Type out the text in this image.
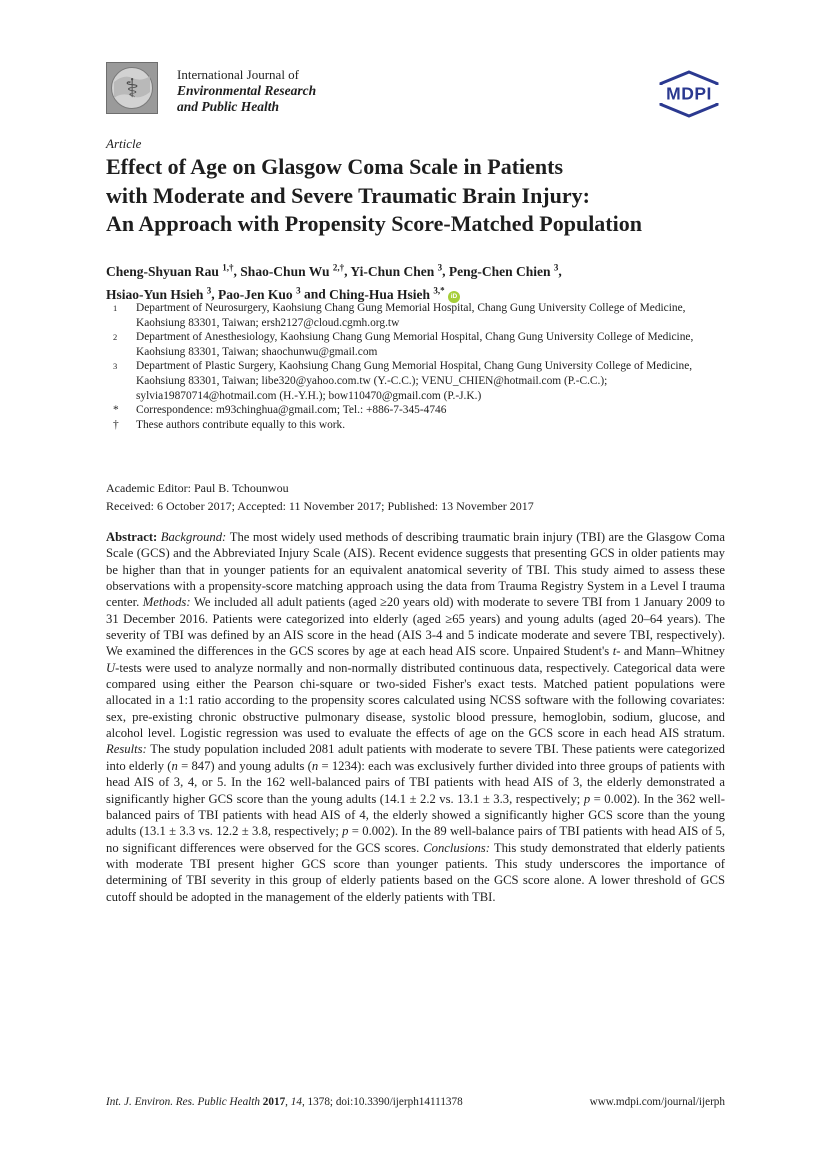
⚕	International Journal of
Environmental Research
and Public Health
MDPI
Article
Effect of Age on Glasgow Coma Scale in Patients
with Moderate and Severe Traumatic Brain Injury:
An Approach with Propensity Score-Matched Population
Cheng-Shyuan Rau $^{1,\dagger}$, Shao-Chun Wu $^{2,\dagger}$, Yi-Chun Chen $^3$, Peng-Chen Chien $^3$,
Hsiao-Yun Hsieh $^3$, Pao-Jen Kuo $^3$ and Ching-Hua Hsieh $^{3,*}$ iD
1 Department of Neurosurgery, Kaohsiung Chang Gung Memorial Hospital, Chang Gung University College of Medicine, Kaohsiung 83301, Taiwan; ersh2127@cloud.cgmh.org.tw
2 Department of Anesthesiology, Kaohsiung Chang Gung Memorial Hospital, Chang Gung University College of Medicine, Kaohsiung 83301, Taiwan; shaochunwu@gmail.com
3 Department of Plastic Surgery, Kaohsiung Chang Gung Memorial Hospital, Chang Gung University College of Medicine, Kaohsiung 83301, Taiwan; libe320@yahoo.com.tw (Y.-C.C.); VENU_CHIEN@hotmail.com (P.-C.C.); sylvia19870714@hotmail.com (H.-Y.H.); bow110470@gmail.com (P.-J.K.)
* Correspondence: m93chinghua@gmail.com; Tel.: +886-7-345-4746
† These authors contribute equally to this work.
Academic Editor: Paul B. Tchounwou
Received: 6 October 2017; Accepted: 11 November 2017; Published: 13 November 2017

Abstract: Background: The most widely used methods of describing traumatic brain injury (TBI) are the Glasgow Coma Scale (GCS) and the Abbreviated Injury Scale (AIS). Recent evidence suggests that presenting GCS in older patients may be higher than that in younger patients for an equivalent anatomical severity of TBI. This study aimed to assess these observations with a propensity-score matching approach using the data from Trauma Registry System in a Level I trauma center. Methods: We included all adult patients (aged ≥20 years old) with moderate to severe TBI from 1 January 2009 to 31 December 2016. Patients were categorized into elderly (aged ≥65 years) and young adults (aged 20–64 years). The severity of TBI was defined by an AIS score in the head (AIS 3-4 and 5 indicate moderate and severe TBI, respectively). We examined the differences in the GCS scores by age at each head AIS score. Unpaired Student's t- and Mann–Whitney U-tests were used to analyze normally and non-normally distributed continuous data, respectively. Categorical data were compared using either the Pearson chi-square or two-sided Fisher's exact tests. Matched patient populations were allocated in a 1:1 ratio according to the propensity scores calculated using NCSS software with the following covariates: sex, pre-existing chronic obstructive pulmonary disease, systolic blood pressure, hemoglobin, sodium, glucose, and alcohol level. Logistic regression was used to evaluate the effects of age on the GCS score in each head AIS stratum. Results: The study population included 2081 adult patients with moderate to severe TBI. These patients were categorized into elderly (n = 847) and young adults (n = 1234): each was exclusively further divided into three groups of patients with head AIS of 3, 4, or 5. In the 162 well-balanced pairs of TBI patients with head AIS of 3, the elderly demonstrated a significantly higher GCS score than the young adults (14.1 ± 2.2 vs. 13.1 ± 3.3, respectively; p = 0.002). In the 362 well-balanced pairs of TBI patients with head AIS of 4, the elderly showed a significantly higher GCS score than the young adults (13.1 ± 3.3 vs. 12.2 ± 3.8, respectively; p = 0.002). In the 89 well-balance pairs of TBI patients with head AIS of 5, no significant differences were observed for the GCS scores. Conclusions: This study demonstrated that elderly patients with moderate TBI present higher GCS score than younger patients. This study underscores the importance of determining of TBI severity in this group of elderly patients based on the GCS score alone. A lower threshold of GCS cutoff should be adopted in the management of the elderly patients with TBI.

Int. J. Environ. Res. Public Health 2017, 14, 1378; doi:10.3390/ijerph14111378	www.mdpi.com/journal/ijerph
